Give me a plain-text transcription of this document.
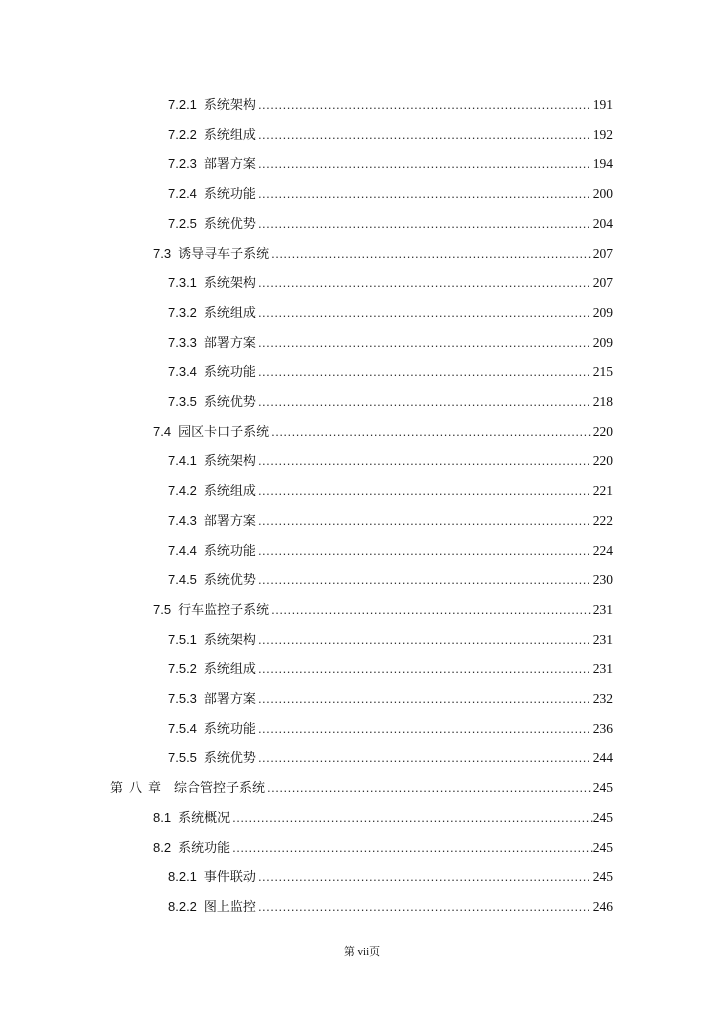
7.2.1 系统架构 .....	191
7.2.2 系统组成 .....	192
7.2.3 部署方案 .....	194
7.2.4 系统功能 .....	200
7.2.5 系统优势 .....	204
7.3 诱导寻车子系统 .....	207
7.3.1 系统架构 .....	207
7.3.2 系统组成 .....	209
7.3.3 部署方案 .....	209
7.3.4 系统功能 .....	215
7.3.5 系统优势 .....	218
7.4 园区卡口子系统 .....	220
7.4.1 系统架构 .....	220
7.4.2 系统组成 .....	221
7.4.3 部署方案 .....	222
7.4.4 系统功能 .....	224
7.4.5 系统优势 .....	230
7.5 行车监控子系统 .....	231
7.5.1 系统架构 .....	231
7.5.2 系统组成 .....	231
7.5.3 部署方案 .....	232
7.5.4 系统功能 .....	236
7.5.5 系统优势 .....	244
第八章 综合管控子系统 .....	245
8.1 系统概况 .....	245
8.2 系统功能 .....	245
8.2.1 事件联动 .....	245
8.2.2 图上监控 .....	246
第 vii页
